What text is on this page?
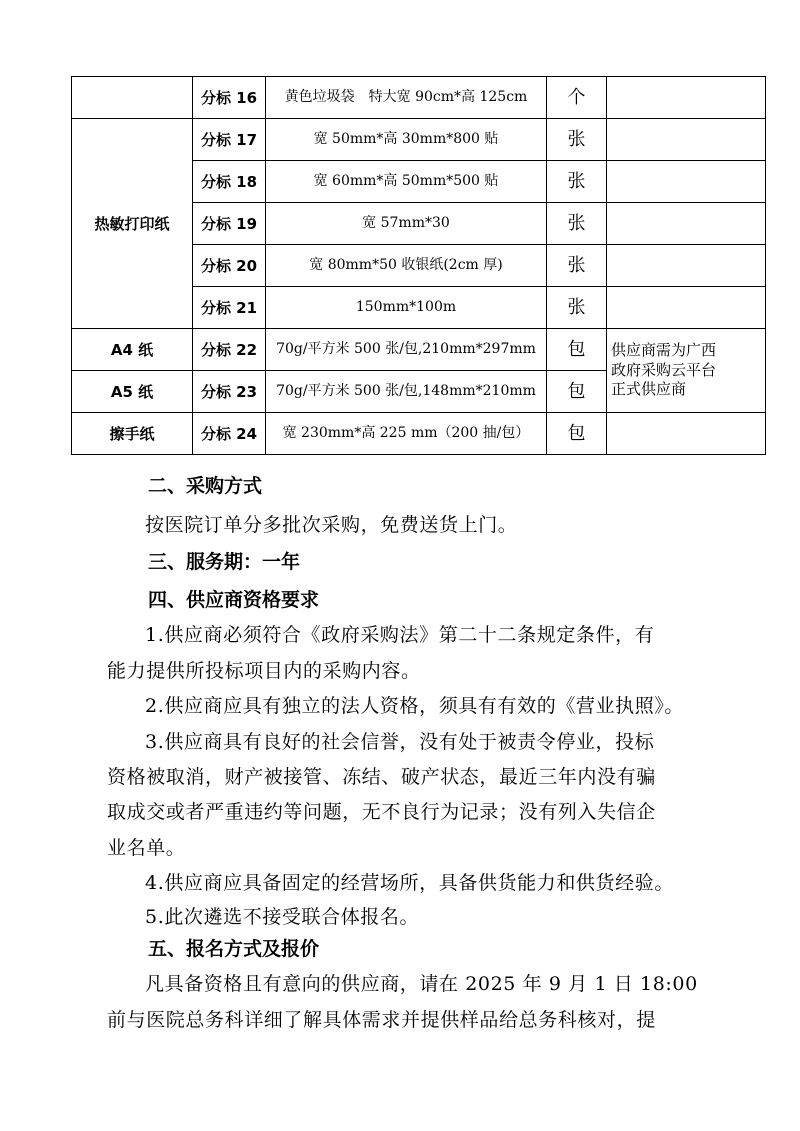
	分标 16	黄色垃圾袋　特大宽 90cm*高 125cm	个	
热敏打印纸	分标 17	宽 50mm*高 30mm*800 贴	张	
	分标 18	宽 60mm*高 50mm*500 贴	张	
	分标 19	宽 57mm*30	张	
	分标 20	宽 80mm*50 收银纸(2cm 厚)	张	
	分标 21	150mm*100m	张	
A4 纸	分标 22	70g/平方米 500 张/包,210mm*297mm	包	供应商需为广西
政府采购云平台
正式供应商

A5 纸	分标 23	70g/平方米 500 张/包,148mm*210mm	包	
擦手纸	分标 24	宽 230mm*高 225 mm（200 抽/包）	包	
二、采购方式
按医院订单分多批次采购，免费送货上门。
三、服务期：一年
四、供应商资格要求
1.供应商必须符合《政府采购法》第二十二条规定条件，有
能力提供所投标项目内的采购内容。
2.供应商应具有独立的法人资格，须具有有效的《营业执照》。
3.供应商具有良好的社会信誉，没有处于被责令停业，投标
资格被取消，财产被接管、冻结、破产状态，最近三年内没有骗
取成交或者严重违约等问题，无不良行为记录；没有列入失信企
业名单。
4.供应商应具备固定的经营场所，具备供货能力和供货经验。
5.此次遴选不接受联合体报名。
五、报名方式及报价
凡具备资格且有意向的供应商，请在 2025 年 9 月 1 日 18:00
前与医院总务科详细了解具体需求并提供样品给总务科核对，提
